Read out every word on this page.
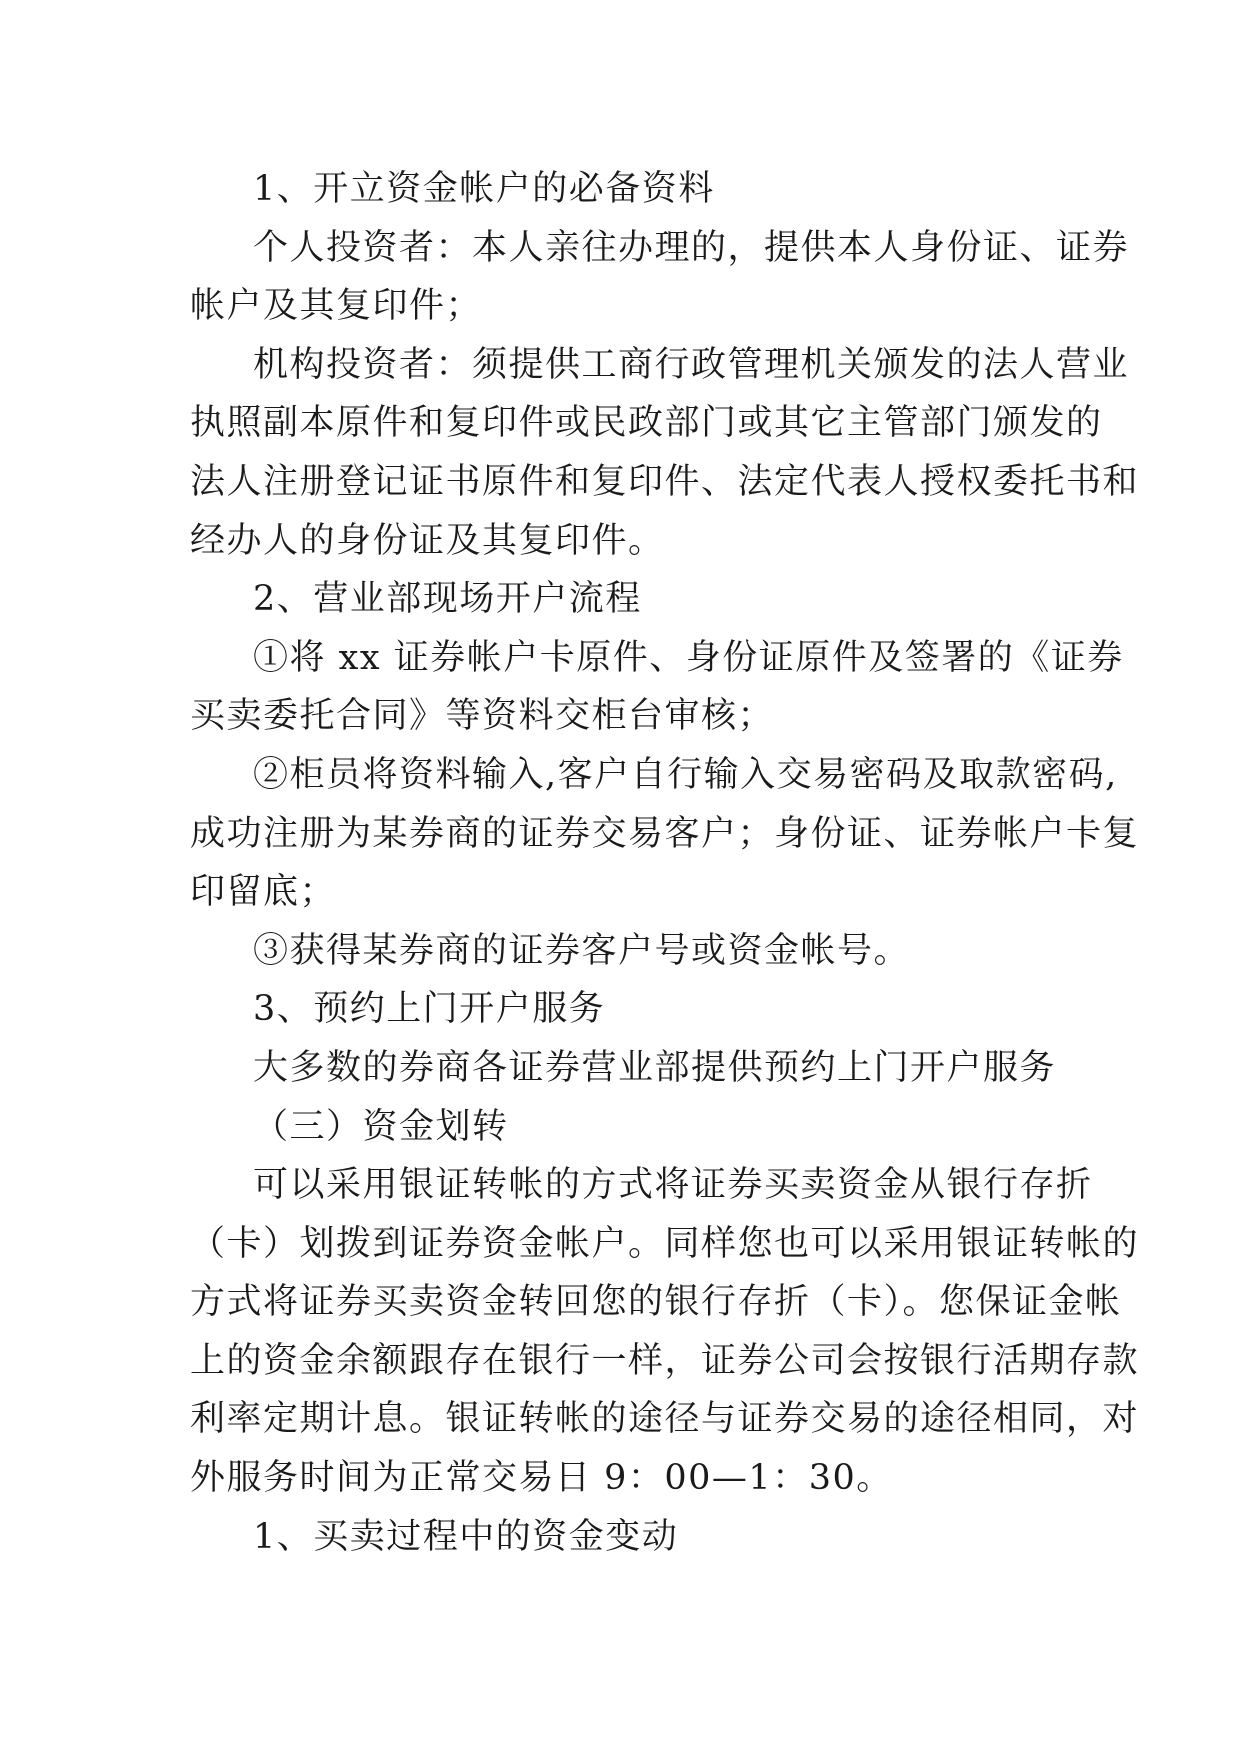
1、开立资金帐户的必备资料
个人投资者：本人亲往办理的，提供本人身份证、证券
帐户及其复印件；
机构投资者：须提供工商行政管理机关颁发的法人营业
执照副本原件和复印件或民政部门或其它主管部门颁发的
法人注册登记证书原件和复印件、法定代表人授权委托书和
经办人的身份证及其复印件。
2、营业部现场开户流程
①将 xx 证券帐户卡原件、身份证原件及签署的《证券
买卖委托合同》等资料交柜台审核；
②柜员将资料输入,客户自行输入交易密码及取款密码,
成功注册为某券商的证券交易客户；身份证、证券帐户卡复
印留底；
③获得某券商的证券客户号或资金帐号。
3、预约上门开户服务
大多数的券商各证券营业部提供预约上门开户服务
（三）资金划转
可以采用银证转帐的方式将证券买卖资金从银行存折
（卡）划拨到证券资金帐户。同样您也可以采用银证转帐的
方式将证券买卖资金转回您的银行存折（卡）。您保证金帐
上的资金余额跟存在银行一样，证券公司会按银行活期存款
利率定期计息。银证转帐的途径与证券交易的途径相同，对
外服务时间为正常交易日 9：00—1：30。
1、买卖过程中的资金变动
